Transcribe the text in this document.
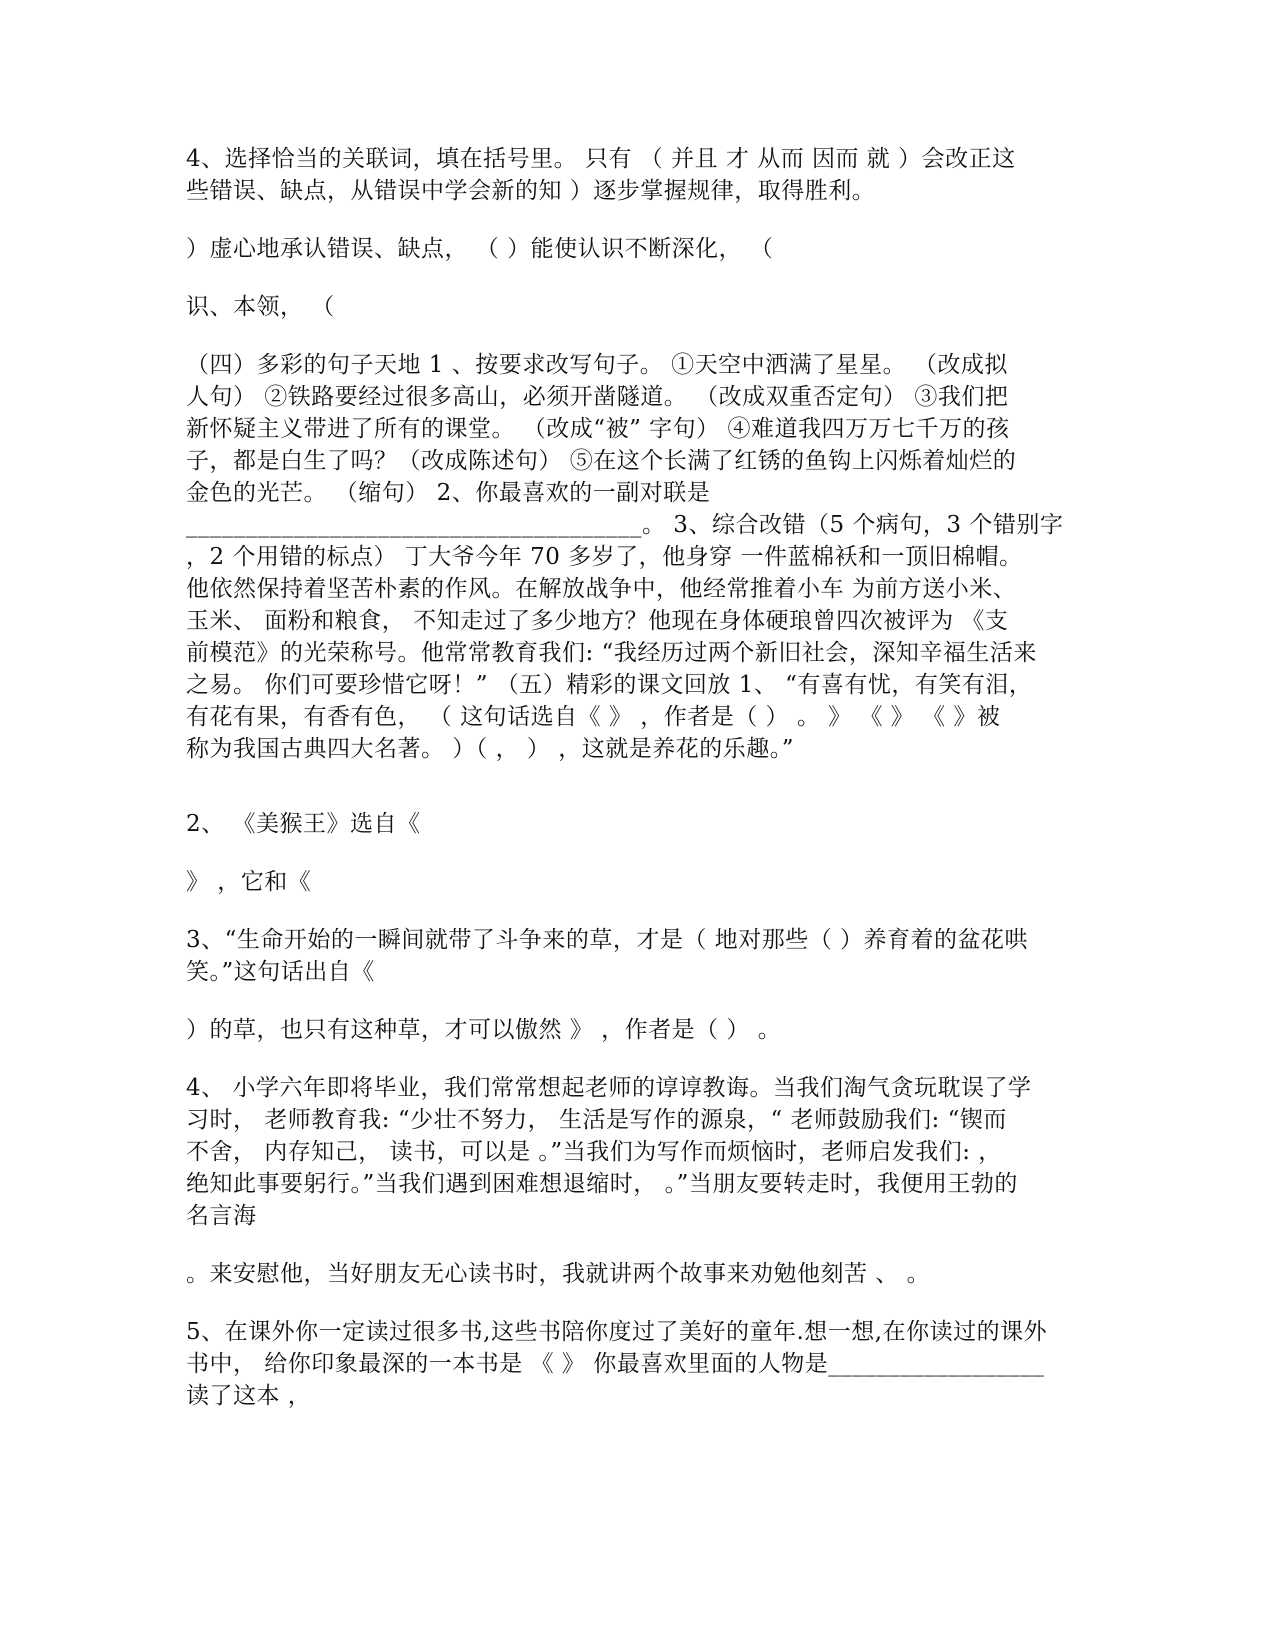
4、选择恰当的关联词，填在括号里。 只有 （ 并且 才 从而 因而 就 ）会改正这
些错误、缺点，从错误中学会新的知 ）逐步掌握规律，取得胜利。
）虚心地承认错误、缺点， （ ）能使认识不断深化， （
识、本领， （
（四）多彩的句子天地 1 、按要求改写句子。 ①天空中洒满了星星。 （改成拟
人句） ②铁路要经过很多高山，必须开凿隧道。 （改成双重否定句） ③我们把
新怀疑主义带进了所有的课堂。 （改成“被” 字句） ④难道我四万万七千万的孩
子，都是白生了吗？（改成陈述句） ⑤在这个长满了红锈的鱼钩上闪烁着灿烂的
金色的光芒。 （缩句） 2、你最喜欢的一副对联是
______________________________________。 3、综合改错（5 个病句，3 个错别字
，2 个用错的标点） 丁大爷今年 70 多岁了，他身穿 一件蓝棉袄和一顶旧棉帽。
他依然保持着坚苦朴素的作风。在解放战争中，他经常推着小车 为前方送小米、
玉米、 面粉和粮食， 不知走过了多少地方？他现在身体硬琅曾四次被评为 《支
前模范》的光荣称号。他常常教育我们: “我经历过两个新旧社会，深知辛福生活来
之易。 你们可要珍惜它呀！” （五）精彩的课文回放 1、 “有喜有忧，有笑有泪，
有花有果，有香有色， （ 这句话选自《 》 ，作者是（ ） 。 》 《 》 《 》被
称为我国古典四大名著。 ）（ ， ） ，这就是养花的乐趣。”
2、 《美猴王》选自《
》 ，它和《
3、“生命开始的一瞬间就带了斗争来的草，才是（ 地对那些（ ）养育着的盆花哄
笑。”这句话出自《
）的草，也只有这种草，才可以傲然 》 ，作者是（ ） 。
4、 小学六年即将毕业，我们常常想起老师的谆谆教诲。当我们淘气贪玩耽误了学
习时， 老师教育我: “少壮不努力， 生活是写作的源泉，“ 老师鼓励我们: “锲而
不舍， 内存知己， 读书，可以是 。”当我们为写作而烦恼时，老师启发我们: ，
绝知此事要躬行。”当我们遇到困难想退缩时， 。”当朋友要转走时，我便用王勃的
名言海
。来安慰他，当好朋友无心读书时，我就讲两个故事来劝勉他刻苦 、 。
5、在课外你一定读过很多书,这些书陪你度过了美好的童年.想一想,在你读过的课外
书中， 给你印象最深的一本书是 《 》 你最喜欢里面的人物是__________________
读了这本 ，
